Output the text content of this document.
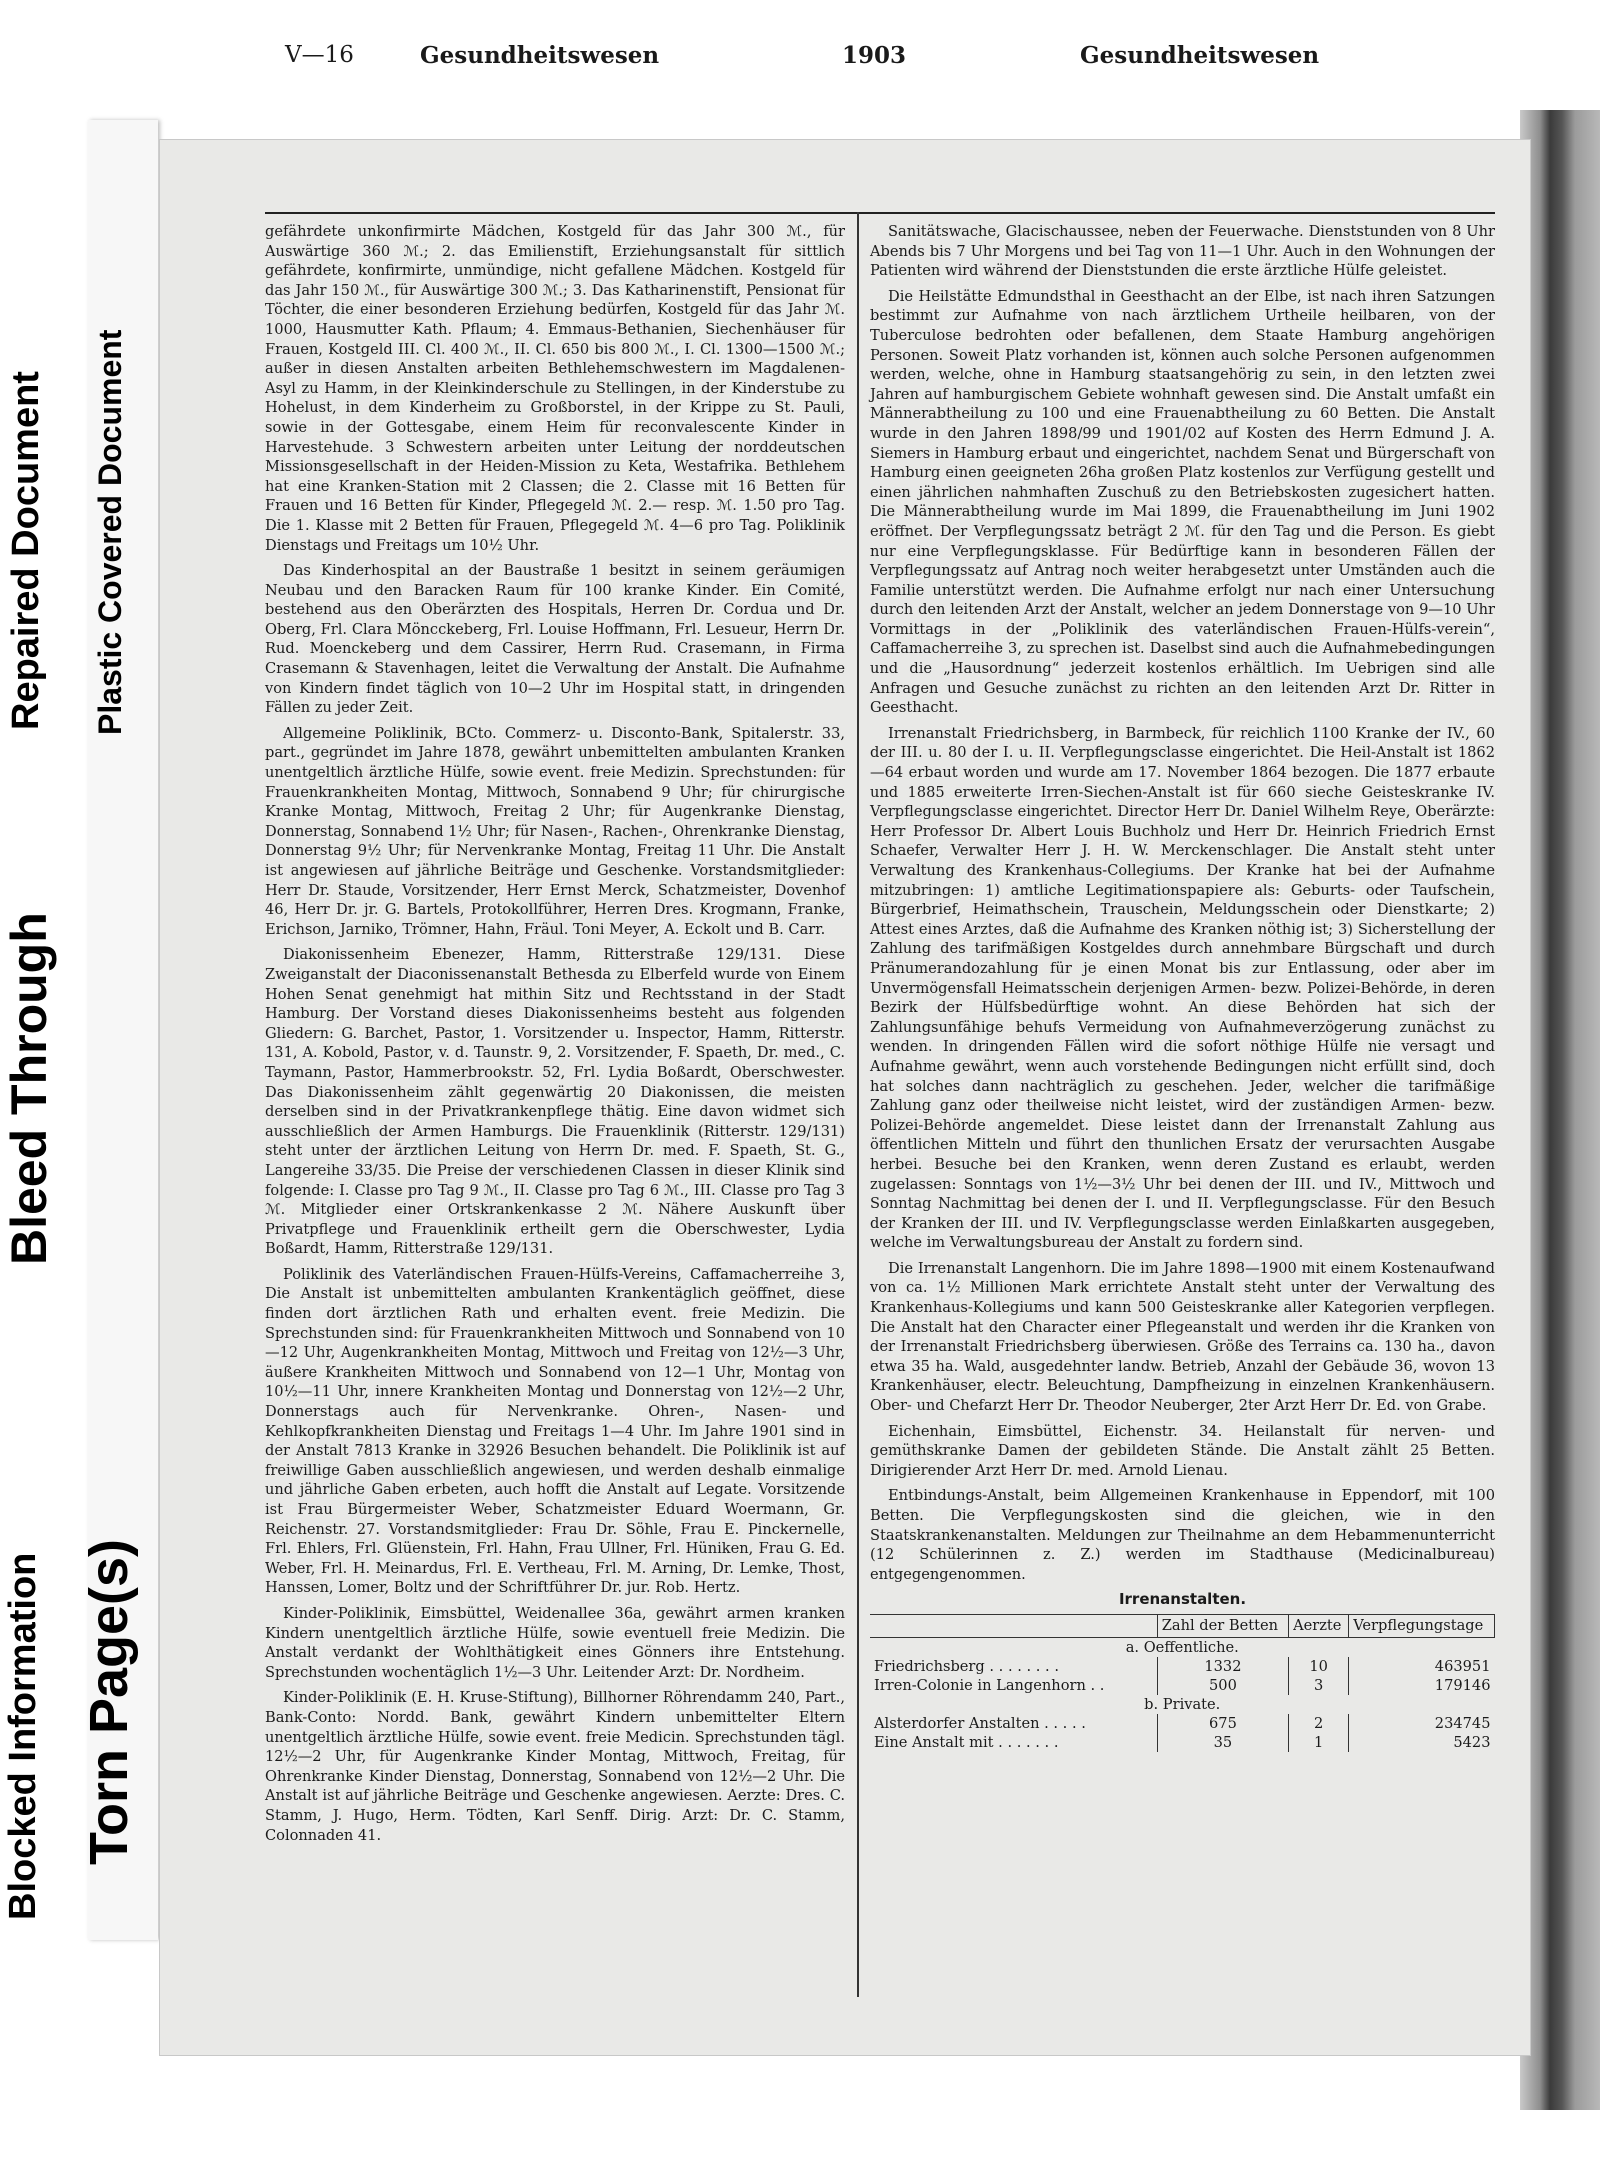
Blocked Information Torn Page(s)
Bleed Through
Repaired Document Plastic Covered Document
V—16	Gesundheitswesen	1903	Gesundheitswesen

gefährdete unkonfirmirte Mädchen, Kostgeld für das Jahr 300 ℳ., für Auswärtige 360 ℳ.; 2. das Emilienstift, Erziehungsanstalt für sittlich gefährdete, konfirmirte, unmündige, nicht gefallene Mädchen. Kostgeld für das Jahr 150 ℳ., für Auswärtige 300 ℳ.; 3. Das Katharinenstift, Pensionat für Töchter, die einer besonderen Erziehung bedürfen, Kostgeld für das Jahr ℳ. 1000, Hausmutter Kath. Pflaum; 4. Emmaus-Bethanien, Siechenhäuser für Frauen, Kostgeld III. Cl. 400 ℳ., II. Cl. 650 bis 800 ℳ., I. Cl. 1300—1500 ℳ.; außer in diesen Anstalten arbeiten Bethlehemschwestern im Magdalenen-Asyl zu Hamm, in der Kleinkinderschule zu Stellingen, in der Kinderstube zu Hohelust, in dem Kinderheim zu Großborstel, in der Krippe zu St. Pauli, sowie in der Gottesgabe, einem Heim für reconvalescente Kinder in Harvestehude. 3 Schwestern arbeiten unter Leitung der norddeutschen Missionsgesellschaft in der Heiden-Mission zu Keta, Westafrika. Bethlehem hat eine Kranken-Station mit 2 Classen; die 2. Classe mit 16 Betten für Frauen und 16 Betten für Kinder, Pflegegeld ℳ. 2.— resp. ℳ. 1.50 pro Tag. Die 1. Klasse mit 2 Betten für Frauen, Pflegegeld ℳ. 4—6 pro Tag. Poliklinik Dienstags und Freitags um 10½ Uhr.

Das Kinderhospital an der Baustraße 1 besitzt in seinem geräumigen Neubau und den Baracken Raum für 100 kranke Kinder. Ein Comité, bestehend aus den Oberärzten des Hospitals, Herren Dr. Cordua und Dr. Oberg, Frl. Clara Möncckeberg, Frl. Louise Hoffmann, Frl. Lesueur, Herrn Dr. Rud. Moenckeberg und dem Cassirer, Herrn Rud. Crasemann, in Firma Crasemann & Stavenhagen, leitet die Verwaltung der Anstalt. Die Aufnahme von Kindern findet täglich von 10—2 Uhr im Hospital statt, in dringenden Fällen zu jeder Zeit.

Allgemeine Poliklinik, BCto. Commerz- u. Disconto-Bank, Spitalerstr. 33, part., gegründet im Jahre 1878, gewährt unbemittelten ambulanten Kranken unentgeltlich ärztliche Hülfe, sowie event. freie Medizin. Sprechstunden: für Frauenkrankheiten Montag, Mittwoch, Sonnabend 9 Uhr; für chirurgische Kranke Montag, Mittwoch, Freitag 2 Uhr; für Augenkranke Dienstag, Donnerstag, Sonnabend 1½ Uhr; für Nasen-, Rachen-, Ohrenkranke Dienstag, Donnerstag 9½ Uhr; für Nervenkranke Montag, Freitag 11 Uhr. Die Anstalt ist angewiesen auf jährliche Beiträge und Geschenke. Vorstandsmitglieder: Herr Dr. Staude, Vorsitzender, Herr Ernst Merck, Schatzmeister, Dovenhof 46, Herr Dr. jr. G. Bartels, Protokollführer, Herren Dres. Krogmann, Franke, Erichson, Jarniko, Trömner, Hahn, Fräul. Toni Meyer, A. Eckolt und B. Carr.

Diakonissenheim Ebenezer, Hamm, Ritterstraße 129/131. Diese Zweiganstalt der Diaconissenanstalt Bethesda zu Elberfeld wurde von Einem Hohen Senat genehmigt hat mithin Sitz und Rechtsstand in der Stadt Hamburg. Der Vorstand dieses Diakonissenheims besteht aus folgenden Gliedern: G. Barchet, Pastor, 1. Vorsitzender u. Inspector, Hamm, Ritterstr. 131, A. Kobold, Pastor, v. d. Taunstr. 9, 2. Vorsitzender, F. Spaeth, Dr. med., C. Taymann, Pastor, Hammerbrookstr. 52, Frl. Lydia Boßardt, Oberschwester. Das Diakonissenheim zählt gegenwärtig 20 Diakonissen, die meisten derselben sind in der Privatkrankenpflege thätig. Eine davon widmet sich ausschließlich der Armen Hamburgs. Die Frauenklinik (Ritterstr. 129/131) steht unter der ärztlichen Leitung von Herrn Dr. med. F. Spaeth, St. G., Langereihe 33/35. Die Preise der verschiedenen Classen in dieser Klinik sind folgende: I. Classe pro Tag 9 ℳ., II. Classe pro Tag 6 ℳ., III. Classe pro Tag 3 ℳ. Mitglieder einer Ortskrankenkasse 2 ℳ. Nähere Auskunft über Privatpflege und Frauenklinik ertheilt gern die Oberschwester, Lydia Boßardt, Hamm, Ritterstraße 129/131.

Poliklinik des Vaterländischen Frauen-Hülfs-Vereins, Caffamacherreihe 3, Die Anstalt ist unbemittelten ambulanten Krankentäglich geöffnet, diese finden dort ärztlichen Rath und erhalten event. freie Medizin. Die Sprechstunden sind: für Frauenkrankheiten Mittwoch und Sonnabend von 10—12 Uhr, Augenkrankheiten Montag, Mittwoch und Freitag von 12½—3 Uhr, äußere Krankheiten Mittwoch und Sonnabend von 12—1 Uhr, Montag von 10½—11 Uhr, innere Krankheiten Montag und Donnerstag von 12½—2 Uhr, Donnerstags auch für Nervenkranke. Ohren-, Nasen- und Kehlkopfkrankheiten Dienstag und Freitags 1—4 Uhr. Im Jahre 1901 sind in der Anstalt 7813 Kranke in 32926 Besuchen behandelt. Die Poliklinik ist auf freiwillige Gaben ausschließlich angewiesen, und werden deshalb einmalige und jährliche Gaben erbeten, auch hofft die Anstalt auf Legate. Vorsitzende ist Frau Bürgermeister Weber, Schatzmeister Eduard Woermann, Gr. Reichenstr. 27. Vorstandsmitglieder: Frau Dr. Söhle, Frau E. Pinckernelle, Frl. Ehlers, Frl. Glüenstein, Frl. Hahn, Frau Ullner, Frl. Hüniken, Frau G. Ed. Weber, Frl. H. Meinardus, Frl. E. Vertheau, Frl. M. Arning, Dr. Lemke, Thost, Hanssen, Lomer, Boltz und der Schriftführer Dr. jur. Rob. Hertz.

Kinder-Poliklinik, Eimsbüttel, Weidenallee 36a, gewährt armen kranken Kindern unentgeltlich ärztliche Hülfe, sowie eventuell freie Medizin. Die Anstalt verdankt der Wohlthätigkeit eines Gönners ihre Entstehung. Sprechstunden wochentäglich 1½—3 Uhr. Leitender Arzt: Dr. Nordheim.

Kinder-Poliklinik (E. H. Kruse-Stiftung), Billhorner Röhrendamm 240, Part., Bank-Conto: Nordd. Bank, gewährt Kindern unbemittelter Eltern unentgeltlich ärztliche Hülfe, sowie event. freie Medicin. Sprechstunden tägl. 12½—2 Uhr, für Augenkranke Kinder Montag, Mittwoch, Freitag, für Ohrenkranke Kinder Dienstag, Donnerstag, Sonnabend von 12½—2 Uhr. Die Anstalt ist auf jährliche Beiträge und Geschenke angewiesen. Aerzte: Dres. C. Stamm, J. Hugo, Herm. Tödten, Karl Senff. Dirig. Arzt: Dr. C. Stamm, Colonnaden 41.

Sanitätswache, Glacischaussee, neben der Feuerwache. Dienststunden von 8 Uhr Abends bis 7 Uhr Morgens und bei Tag von 11—1 Uhr. Auch in den Wohnungen der Patienten wird während der Dienststunden die erste ärztliche Hülfe geleistet.

Die Heilstätte Edmundsthal in Geesthacht an der Elbe, ist nach ihren Satzungen bestimmt zur Aufnahme von nach ärztlichem Urtheile heilbaren, von der Tuberculose bedrohten oder befallenen, dem Staate Hamburg angehörigen Personen. Soweit Platz vorhanden ist, können auch solche Personen aufgenommen werden, welche, ohne in Hamburg staatsangehörig zu sein, in den letzten zwei Jahren auf hamburgischem Gebiete wohnhaft gewesen sind. Die Anstalt umfaßt ein Männerabtheilung zu 100 und eine Frauenabtheilung zu 60 Betten. Die Anstalt wurde in den Jahren 1898/99 und 1901/02 auf Kosten des Herrn Edmund J. A. Siemers in Hamburg erbaut und eingerichtet, nachdem Senat und Bürgerschaft von Hamburg einen geeigneten 26ha großen Platz kostenlos zur Verfügung gestellt und einen jährlichen nahmhaften Zuschuß zu den Betriebskosten zugesichert hatten. Die Männerabtheilung wurde im Mai 1899, die Frauenabtheilung im Juni 1902 eröffnet. Der Verpflegungssatz beträgt 2 ℳ. für den Tag und die Person. Es giebt nur eine Verpflegungsklasse. Für Bedürftige kann in besonderen Fällen der Verpflegungssatz auf Antrag noch weiter herabgesetzt unter Umständen auch die Familie unterstützt werden. Die Aufnahme erfolgt nur nach einer Untersuchung durch den leitenden Arzt der Anstalt, welcher an jedem Donnerstage von 9—10 Uhr Vormittags in der „Poliklinik des vaterländischen Frauen-Hülfs-verein“, Caffamacherreihe 3, zu sprechen ist. Daselbst sind auch die Aufnahmebedingungen und die „Hausordnung“ jederzeit kostenlos erhältlich. Im Uebrigen sind alle Anfragen und Gesuche zunächst zu richten an den leitenden Arzt Dr. Ritter in Geesthacht.

Irrenanstalt Friedrichsberg, in Barmbeck, für reichlich 1100 Kranke der IV., 60 der III. u. 80 der I. u. II. Verpflegungsclasse eingerichtet. Die Heil-Anstalt ist 1862—64 erbaut worden und wurde am 17. November 1864 bezogen. Die 1877 erbaute und 1885 erweiterte Irren-Siechen-Anstalt ist für 660 sieche Geisteskranke IV. Verpflegungsclasse eingerichtet. Director Herr Dr. Daniel Wilhelm Reye, Oberärzte: Herr Professor Dr. Albert Louis Buchholz und Herr Dr. Heinrich Friedrich Ernst Schaefer, Verwalter Herr J. H. W. Merckenschlager. Die Anstalt steht unter Verwaltung des Krankenhaus-Collegiums. Der Kranke hat bei der Aufnahme mitzubringen: 1) amtliche Legitimationspapiere als: Geburts- oder Taufschein, Bürgerbrief, Heimathschein, Trauschein, Meldungsschein oder Dienstkarte; 2) Attest eines Arztes, daß die Aufnahme des Kranken nöthig ist; 3) Sicherstellung der Zahlung des tarifmäßigen Kostgeldes durch annehmbare Bürgschaft und durch Pränumerandozahlung für je einen Monat bis zur Entlassung, oder aber im Unvermögensfall Heimatsschein derjenigen Armen- bezw. Polizei-Behörde, in deren Bezirk der Hülfsbedürftige wohnt. An diese Behörden hat sich der Zahlungsunfähige behufs Vermeidung von Aufnahmeverzögerung zunächst zu wenden. In dringenden Fällen wird die sofort nöthige Hülfe nie versagt und Aufnahme gewährt, wenn auch vorstehende Bedingungen nicht erfüllt sind, doch hat solches dann nachträglich zu geschehen. Jeder, welcher die tarifmäßige Zahlung ganz oder theilweise nicht leistet, wird der zuständigen Armen- bezw. Polizei-Behörde angemeldet. Diese leistet dann der Irrenanstalt Zahlung aus öffentlichen Mitteln und führt den thunlichen Ersatz der verursachten Ausgabe herbei. Besuche bei den Kranken, wenn deren Zustand es erlaubt, werden zugelassen: Sonntags von 1½—3½ Uhr bei denen der III. und IV., Mittwoch und Sonntag Nachmittag bei denen der I. und II. Verpflegungsclasse. Für den Besuch der Kranken der III. und IV. Verpflegungsclasse werden Einlaßkarten ausgegeben, welche im Verwaltungsbureau der Anstalt zu fordern sind.

Die Irrenanstalt Langenhorn. Die im Jahre 1898—1900 mit einem Kostenaufwand von ca. 1½ Millionen Mark errichtete Anstalt steht unter der Verwaltung des Krankenhaus-Kollegiums und kann 500 Geisteskranke aller Kategorien verpflegen. Die Anstalt hat den Character einer Pflegeanstalt und werden ihr die Kranken von der Irrenanstalt Friedrichsberg überwiesen. Größe des Terrains ca. 130 ha., davon etwa 35 ha. Wald, ausgedehnter landw. Betrieb, Anzahl der Gebäude 36, wovon 13 Krankenhäuser, electr. Beleuchtung, Dampfheizung in einzelnen Krankenhäusern. Ober- und Chefarzt Herr Dr. Theodor Neuberger, 2ter Arzt Herr Dr. Ed. von Grabe.

Eichenhain, Eimsbüttel, Eichenstr. 34. Heilanstalt für nerven- und gemüthskranke Damen der gebildeten Stände. Die Anstalt zählt 25 Betten. Dirigierender Arzt Herr Dr. med. Arnold Lienau.

Entbindungs-Anstalt, beim Allgemeinen Krankenhause in Eppendorf, mit 100 Betten. Die Verpflegungskosten sind die gleichen, wie in den Staatskrankenanstalten. Meldungen zur Theilnahme an dem Hebammenunterricht (12 Schülerinnen z. Z.) werden im Stadthause (Medicinalbureau) entgegengenommen.

Irrenanstalten.
	Zahl der Betten	Aerzte	Verpflegungstage
a. Oeffentliche.			
Friedrichsberg . . . . . . . .	1332	10	463951
Irren-Colonie in Langenhorn . .	500	3	179146
b. Private.			
Alsterdorfer Anstalten . . . . .	675	2	234745
Eine Anstalt mit . . . . . . .	35	1	5423
